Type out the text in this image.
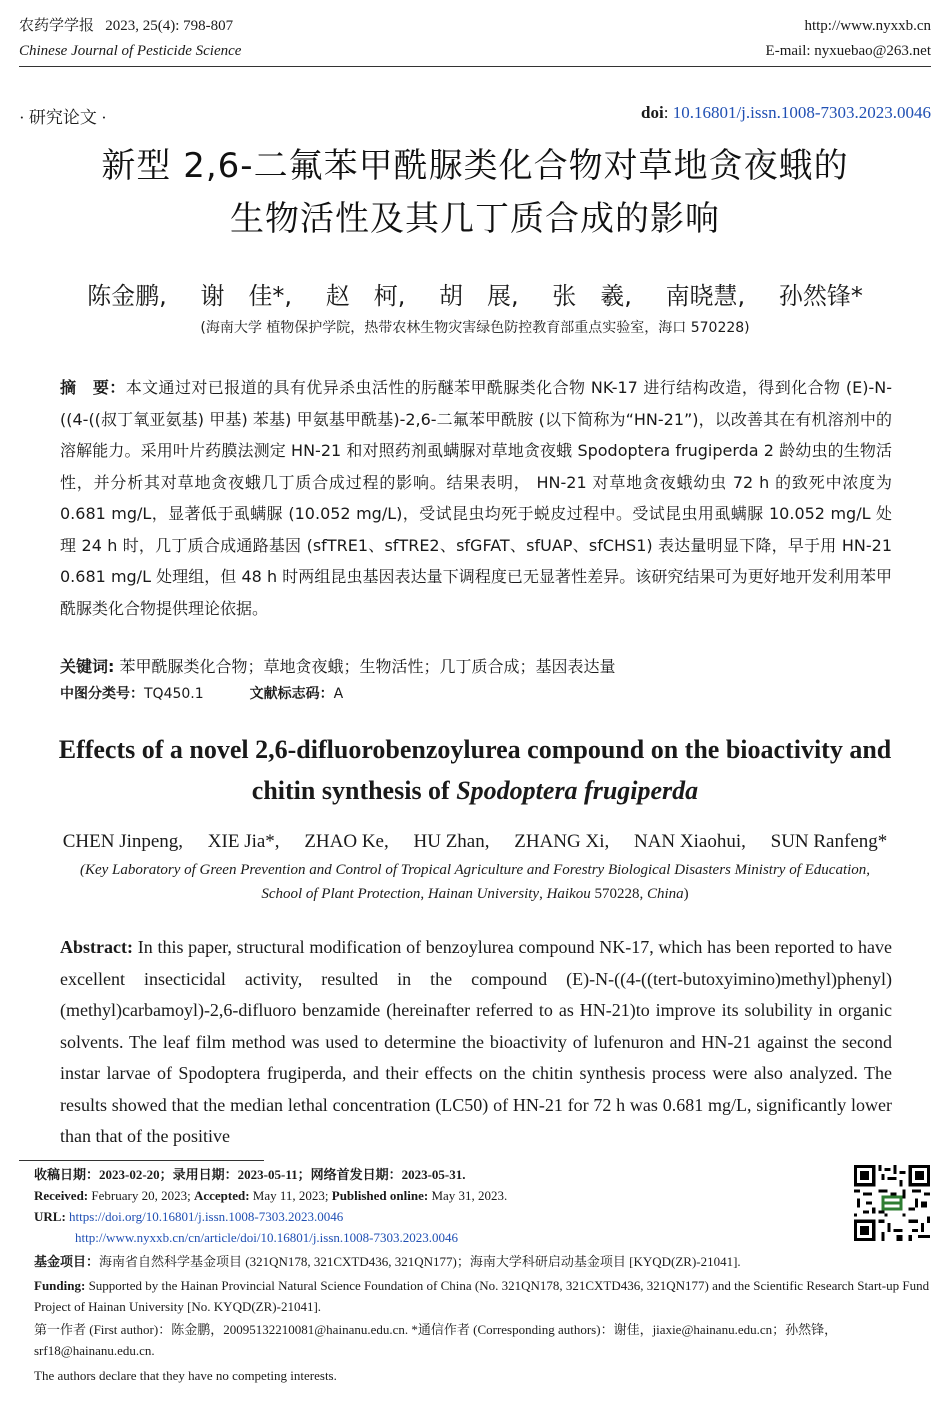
农药学学报 2023, 25(4): 798-807
Chinese Journal of Pesticide Science
http://www.nyxxb.cn
E-mail: nyxuebao@263.net
· 研究论文 ·	doi: 10.16801/j.issn.1008-7303.2023.0046
新型 2,6-二氟苯甲酰脲类化合物对草地贪夜蛾的
生物活性及其几丁质合成的影响
陈金鹏, 谢　佳*, 赵　柯, 胡　展, 张　羲, 南晓慧, 孙然锋*
(海南大学 植物保护学院，热带农林生物灾害绿色防控教育部重点实验室，海口 570228)
摘　要：本文通过对已报道的具有优异杀虫活性的肟醚苯甲酰脲类化合物 NK-17 进行结构改造，得到化合物 (E)-N-((4-((叔丁氧亚氨基) 甲基) 苯基) 甲氨基甲酰基)-2,6-二氟苯甲酰胺 (以下简称为“HN-21”)，以改善其在有机溶剂中的溶解能力。采用叶片药膜法测定 HN-21 和对照药剂虱螨脲对草地贪夜蛾 Spodoptera frugiperda 2 龄幼虫的生物活性，并分析其对草地贪夜蛾几丁质合成过程的影响。结果表明， HN-21 对草地贪夜蛾幼虫 72 h 的致死中浓度为 0.681 mg/L，显著低于虱螨脲 (10.052 mg/L)，受试昆虫均死于蜕皮过程中。受试昆虫用虱螨脲 10.052 mg/L 处理 24 h 时，几丁质合成通路基因 (sfTRE1、sfTRE2、sfGFAT、sfUAP、sfCHS1) 表达量明显下降，早于用 HN-21 0.681 mg/L 处理组，但 48 h 时两组昆虫基因表达量下调程度已无显著性差异。该研究结果可为更好地开发利用苯甲酰脲类化合物提供理论依据。
关键词: 苯甲酰脲类化合物；草地贪夜蛾；生物活性；几丁质合成；基因表达量
中图分类号：TQ450.1	文献标志码：A
Effects of a novel 2,6-difluorobenzoylurea compound on the bioactivity and
chitin synthesis of Spodoptera frugiperda
CHEN Jinpeng, XIE Jia*, ZHAO Ke, HU Zhan, ZHANG Xi, NAN Xiaohui, SUN Ranfeng*
(Key Laboratory of Green Prevention and Control of Tropical Agriculture and Forestry Biological Disasters Ministry of Education,
School of Plant Protection, Hainan University, Haikou 570228, China)
Abstract: In this paper, structural modification of benzoylurea compound NK-17, which has been reported to have excellent insecticidal activity, resulted in the compound (E)-N-((4-((tert-butoxyimino)methyl)phenyl)(methyl)carbamoyl)-2,6-difluoro benzamide (hereinafter referred to as HN-21)to improve its solubility in organic solvents. The leaf film method was used to determine the bioactivity of lufenuron and HN-21 against the second instar larvae of Spodoptera frugiperda, and their effects on the chitin synthesis process were also analyzed. The results showed that the median lethal concentration (LC50) of HN-21 for 72 h was 0.681 mg/L, significantly lower than that of the positive
收稿日期：2023-02-20；录用日期：2023-05-11；网络首发日期：2023-05-31.
Received: February 20, 2023; Accepted: May 11, 2023; Published online: May 31, 2023.
URL: https://doi.org/10.16801/j.issn.1008-7303.2023.0046
http://www.nyxxb.cn/cn/article/doi/10.16801/j.issn.1008-7303.2023.0046
基金项目：海南省自然科学基金项目 (321QN178, 321CXTD436, 321QN177)；海南大学科研启动基金项目 [KYQD(ZR)-21041].
Funding: Supported by the Hainan Provincial Natural Science Foundation of China (No. 321QN178, 321CXTD436, 321QN177) and the Scientific Research Start-up Fund Project of Hainan University [No. KYQD(ZR)-21041].
第一作者 (First author)：陈金鹏，20095132210081@hainanu.edu.cn. *通信作者 (Corresponding authors)：谢佳，jiaxie@hainanu.edu.cn；孙然锋，srf18@hainanu.edu.cn.
The authors declare that they have no competing interests.
